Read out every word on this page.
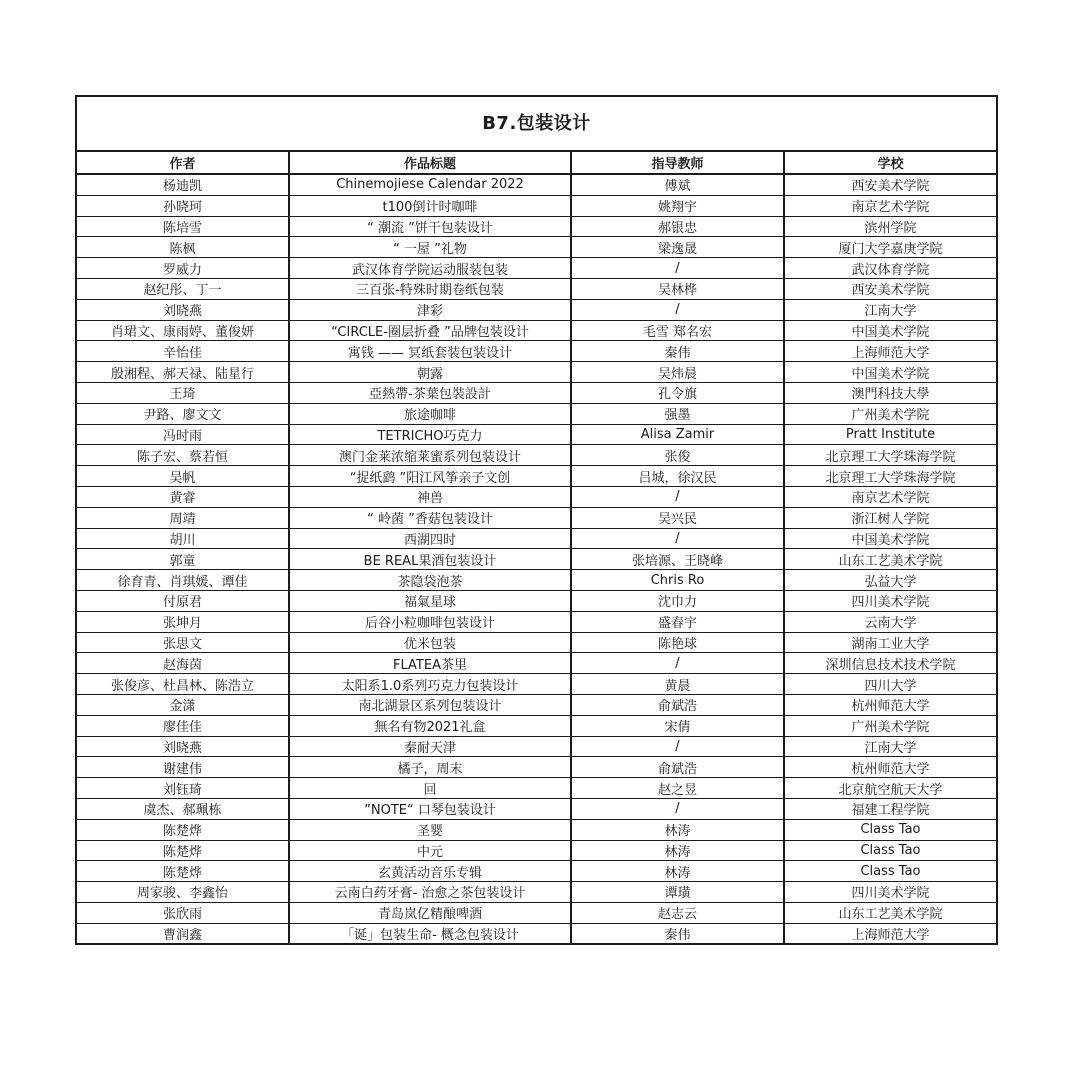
B7.包装设计
作者	作品标题	指导教师	学校
杨迪凯	Chinemojiese Calendar 2022	傅斌	西安美术学院
孙晓珂	t100倒计时咖啡	姚翔宇	南京艺术学院
陈培雪	“ 潮流 ”饼干包装设计	郝银忠	滨州学院
陈枫	“ 一屋 ”礼物	梁逸晟	厦门大学嘉庚学院
罗威力	武汉体育学院运动服装包装	/	武汉体育学院
赵纪彤、丁一	三百张-特殊时期卷纸包装	吴林桦	西安美术学院
刘晓燕	津彩	/	江南大学
肖珺文、康雨婷、董俊妍	“CIRCLE-圈层折叠 ”品牌包装设计	毛雪 郑名宏	中国美术学院
辛怡佳	寓钱 —— 冥纸套装包装设计	秦伟	上海师范大学
殷湘程、郝天禄、陆星行	朝露	吴炜晨	中国美术学院
王琦	亞熱帶-茶葉包裝設計	孔令旗	澳門科技大學
尹路、廖文文	旅途咖啡	强墨	广州美术学院
冯时雨	TETRICHO巧克力	Alisa Zamir	Pratt Institute
陈子宏、蔡若恒	澳门金莱浓缩莱蜜系列包装设计	张俊	北京理工大学珠海学院
吴帆	“捉纸鹞 ”阳江风筝亲子文创	吕城，徐汉民	北京理工大学珠海学院
黄睿	神兽	/	南京艺术学院
周靖	“ 岭菌 ”香菇包装设计	吴兴民	浙江树人学院
胡川	西湖四时	/	中国美术学院
郭童	BE REAL果酒包装设计	张培源、王晓峰	山东工艺美术学院
徐育青、肖琪媛、谭佳	茶隐袋泡茶	Chris Ro	弘益大学
付原君	福氣星球	沈巾力	四川美术学院
张坤月	后谷小粒咖啡包装设计	盛春宇	云南大学
张思文	优米包装	陈艳球	湖南工业大学
赵海茵	FLATEA茶里	/	深圳信息技术技术学院
张俊彦、杜昌林、陈浩立	太阳系1.0系列巧克力包装设计	黄晨	四川大学
金潇	南北湖景区系列包装设计	俞斌浩	杭州师范大学
廖佳佳	無名有物2021礼盒	宋倩	广州美术学院
刘晓燕	秦耐天津	/	江南大学
谢建伟	橘子，周末	俞斌浩	杭州师范大学
刘钰琦	回	赵之昱	北京航空航天大学
虞杰、郝珮栋	”NOTE“ 口琴包装设计	/	福建工程学院
陈楚烨	圣婴	林涛	Class Tao
陈楚烨	中元	林涛	Class Tao
陈楚烨	玄黄活动音乐专辑	林涛	Class Tao
周家骏、李鑫怡	云南白药牙膏- 治愈之茶包装设计	谭璜	四川美术学院
张欣雨	青岛岚亿精酿啤酒	赵志云	山东工艺美术学院
曹润鑫	「诞」包装生命- 概念包装设计	秦伟	上海师范大学
